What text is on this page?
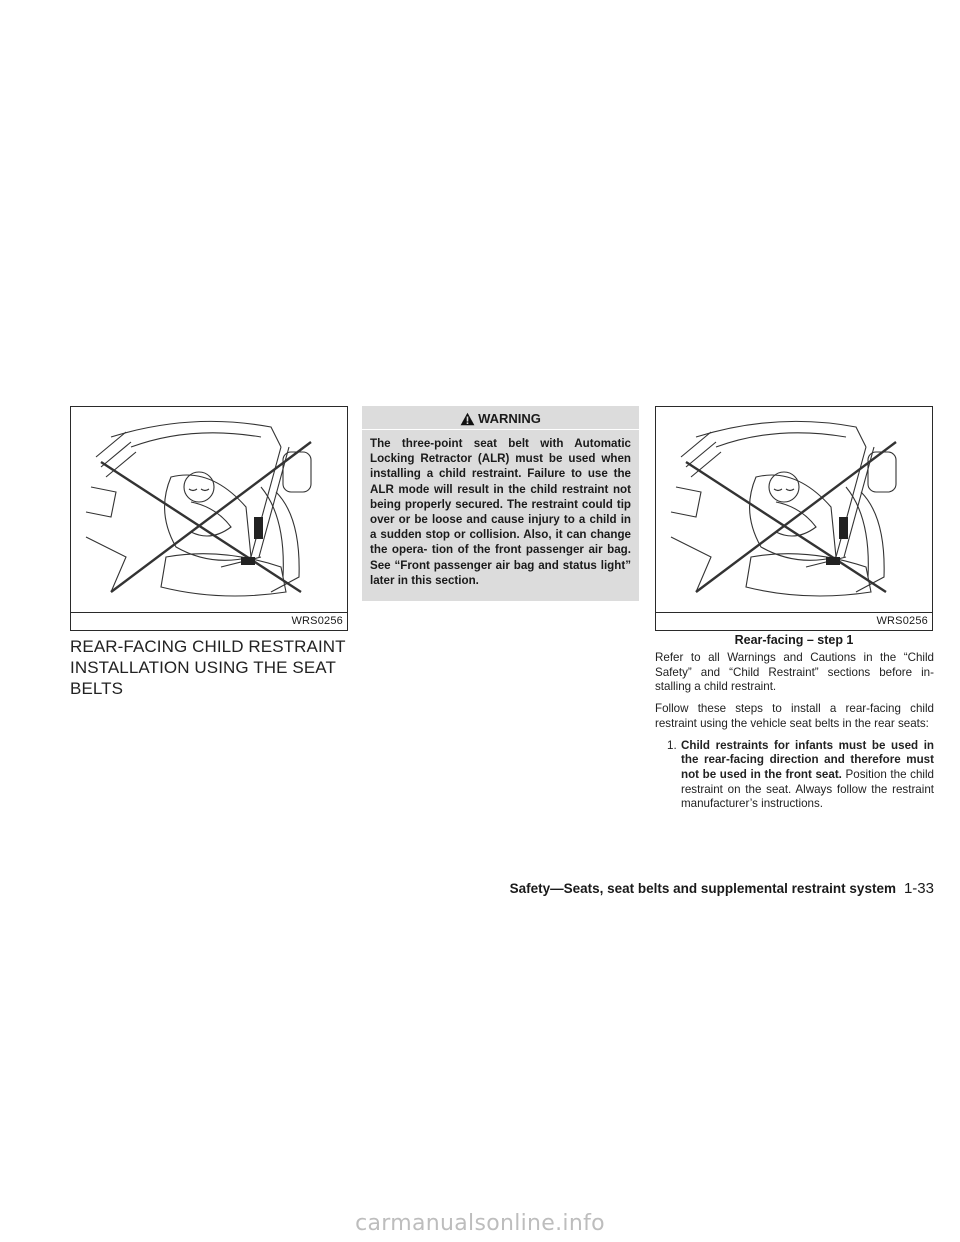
WRS0256
REAR-FACING CHILD RESTRAINT INSTALLATION USING THE SEAT BELTS
WARNING
The three-point seat belt with Automatic Locking Retractor (ALR) must be used when installing a child restraint. Failure to use the ALR mode will result in the child restraint not being properly secured. The restraint could tip over or be loose and cause injury to a child in a sudden stop or collision. Also, it can change the opera- tion of the front passenger air bag. See “Front passenger air bag and status light” later in this section.
WRS0256
Rear-facing – step 1

Refer to all Warnings and Cautions in the “Child Safety” and “Child Restraint” sections before in- stalling a child restraint.

Follow these steps to install a rear-facing child restraint using the vehicle seat belts in the rear seats:

1. Child restraints for infants must be used in the rear-facing direction and therefore must not be used in the front seat. Position the child restraint on the seat. Always follow the restraint manufacturer’s instructions.
Safety—Seats, seat belts and supplemental restraint system 1-33
carmanualsonline.info
